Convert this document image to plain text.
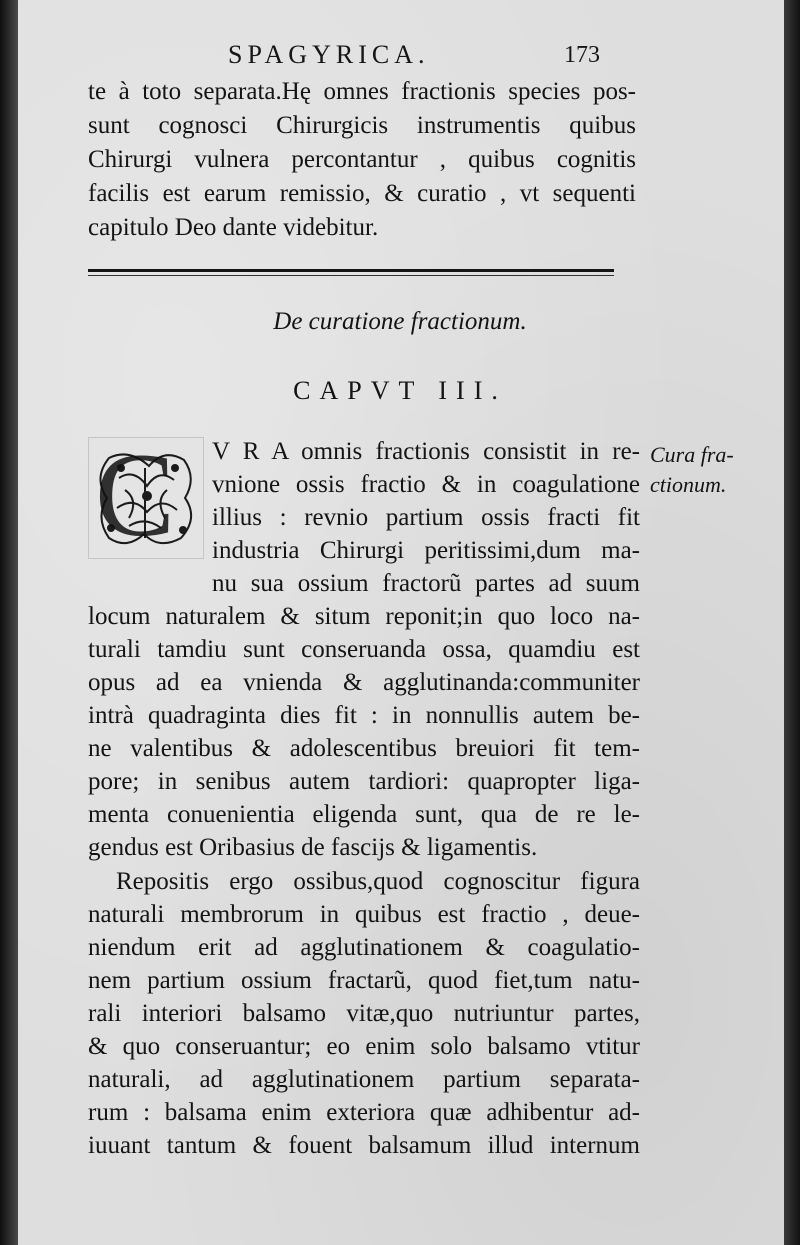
SPAGYRICA.	173
te à toto separata.Hę omnes fractionis species pos-
sunt cognosci Chirurgicis instrumentis quibus
Chirurgi vulnera percontantur , quibus cognitis
facilis est earum remissio, & curatio , vt sequenti
capitulo Deo dante videbitur.
De curatione fractionum.
CAPVT III.
C	Cura fra-
ctionum.
V R A omnis fractionis consistit in re-
vnione ossis fractio & in coagulatione
illius : revnio partium ossis fracti fit
industria Chirurgi peritissimi,dum ma-
nu sua ossium fractorũ partes ad suum
locum naturalem & situm reponit;in quo loco na-
turali tamdiu sunt conseruanda ossa, quamdiu est
opus ad ea vnienda & agglutinanda:communiter
intrà quadraginta dies fit : in nonnullis autem be-
ne valentibus & adolescentibus breuiori fit tem-
pore; in senibus autem tardiori: quapropter liga-
menta conuenientia eligenda sunt, qua de re le-
gendus est Oribasius de fascijs & ligamentis.
Repositis ergo ossibus,quod cognoscitur figura
naturali membrorum in quibus est fractio , deue-
niendum erit ad agglutinationem & coagulatio-
nem partium ossium fractarũ, quod fiet,tum natu-
rali interiori balsamo vitæ,quo nutriuntur partes,
& quo conseruantur; eo enim solo balsamo vtitur
naturali, ad agglutinationem partium separata-
rum : balsama enim exteriora quæ adhibentur ad-
iuuant tantum & fouent balsamum illud internum
